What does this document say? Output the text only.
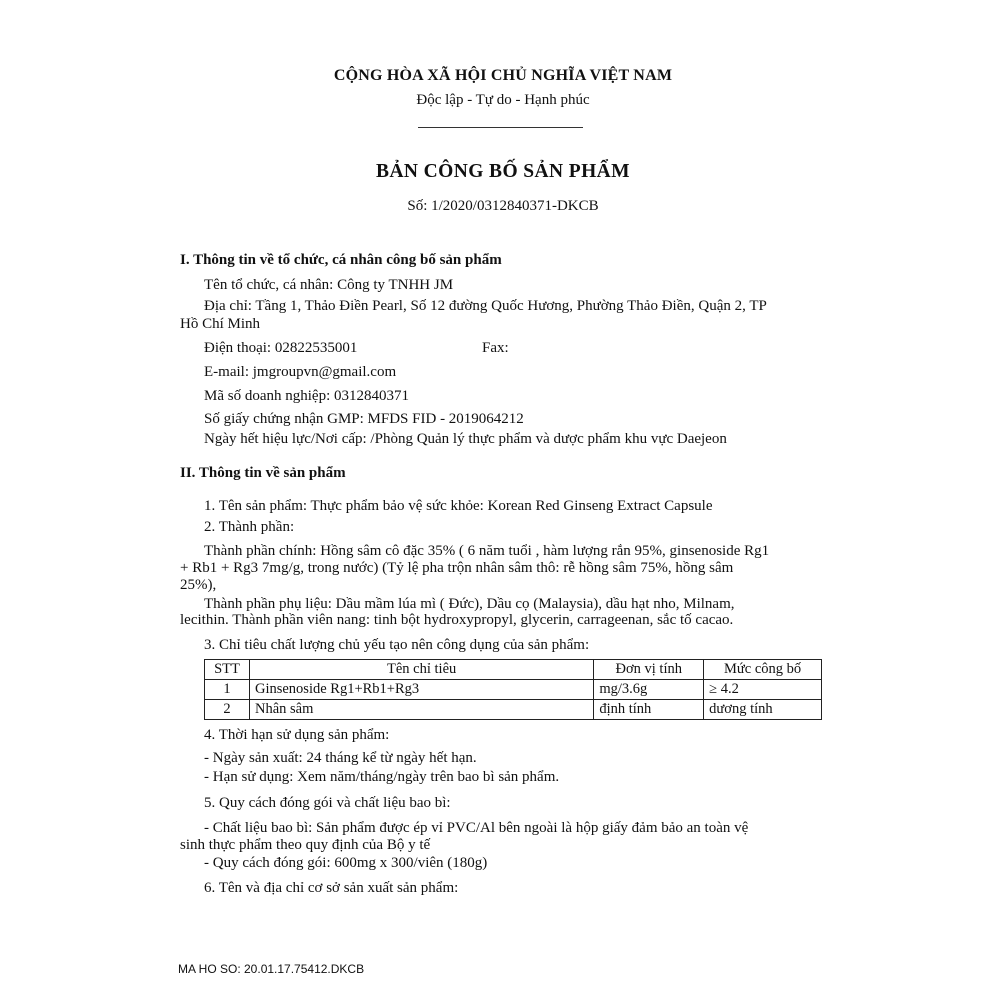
CỘNG HÒA XÃ HỘI CHỦ NGHĨA VIỆT NAM
Độc lập - Tự do - Hạnh phúc
BẢN CÔNG BỐ SẢN PHẨM
Số: 1/2020/0312840371-DKCB
I. Thông tin về tổ chức, cá nhân công bố sản phẩm
Tên tổ chức, cá nhân: Công ty TNHH JM
Địa chỉ: Tầng 1, Thảo Điền Pearl, Số 12 đường Quốc Hương, Phường Thảo Điền, Quận 2, TP
Hồ Chí Minh
Điện thoại: 02822535001	Fax:
E-mail: jmgroupvn@gmail.com
Mã số doanh nghiệp: 0312840371
Số giấy chứng nhận GMP: MFDS FID - 2019064212
Ngày hết hiệu lực/Nơi cấp: /Phòng Quản lý thực phẩm và dược phẩm khu vực Daejeon
II. Thông tin về sản phẩm
1. Tên sản phẩm: Thực phẩm bảo vệ sức khỏe: Korean Red Ginseng Extract Capsule
2. Thành phần:
Thành phần chính: Hồng sâm cô đặc 35% ( 6 năm tuổi , hàm lượng rắn 95%, ginsenoside Rg1
+ Rb1 + Rg3 7mg/g, trong nước) (Tỷ lệ pha trộn nhân sâm thô: rễ hồng sâm 75%, hồng sâm
25%),
Thành phần phụ liệu: Dầu mầm lúa mì ( Đức), Dầu cọ (Malaysia), dầu hạt nho, Milnam,
lecithin. Thành phần viên nang: tinh bột hydroxypropyl, glycerin, carrageenan, sắc tố cacao.
3. Chỉ tiêu chất lượng chủ yếu tạo nên công dụng của sản phẩm:
STT	Tên chỉ tiêu	Đơn vị tính	Mức công bố
1	Ginsenoside Rg1+Rb1+Rg3	mg/3.6g	≥ 4.2
2	Nhân sâm	định tính	dương tính
4. Thời hạn sử dụng sản phẩm:
- Ngày sản xuất: 24 tháng kể từ ngày hết hạn.
- Hạn sử dụng: Xem năm/tháng/ngày trên bao bì sản phẩm.
5. Quy cách đóng gói và chất liệu bao bì:
- Chất liệu bao bì: Sản phẩm được ép vỉ PVC/Al bên ngoài là hộp giấy đảm bảo an toàn vệ
sinh thực phẩm theo quy định của Bộ y tế
- Quy cách đóng gói: 600mg x 300/viên (180g)
6. Tên và địa chỉ cơ sở sản xuất sản phẩm:
MA HO SO: 20.01.17.75412.DKCB
